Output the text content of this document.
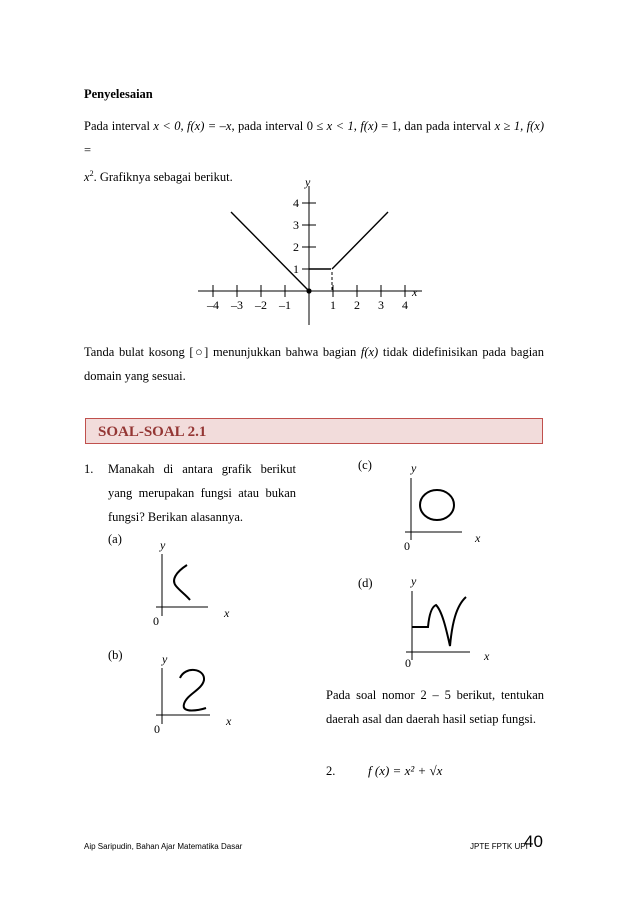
Penyelesaian
Pada interval x < 0, f(x) = –x, pada interval 0 ≤ x < 1, f(x) = 1, dan pada interval x ≥ 1, f(x) =
$x^2$. Grafiknya sebagai berikut.	y
x
–4 –3 –2 –1	1 2 3 4
1
2
3
4
Tanda bulat kosong [○] menunjukkan bahwa bagian f(x) tidak didefinisikan pada bagian domain yang sesuai.
SOAL-SOAL 2.1
1. Manakah di antara grafik berikut yang merupakan fungsi atau bukan fungsi? Berikan alasannya.
(a)	y
x
0
(b)	y
x
0
(c)	y
x
0
(d)	y
x
0
Pada soal nomor 2 – 5 berikut, tentukan daerah asal dan daerah hasil setiap fungsi.
2.	f (x) = x² + √x
Aip Saripudin, Bahan Ajar Matematika Dasar	JPTE FPTK UPI
40
